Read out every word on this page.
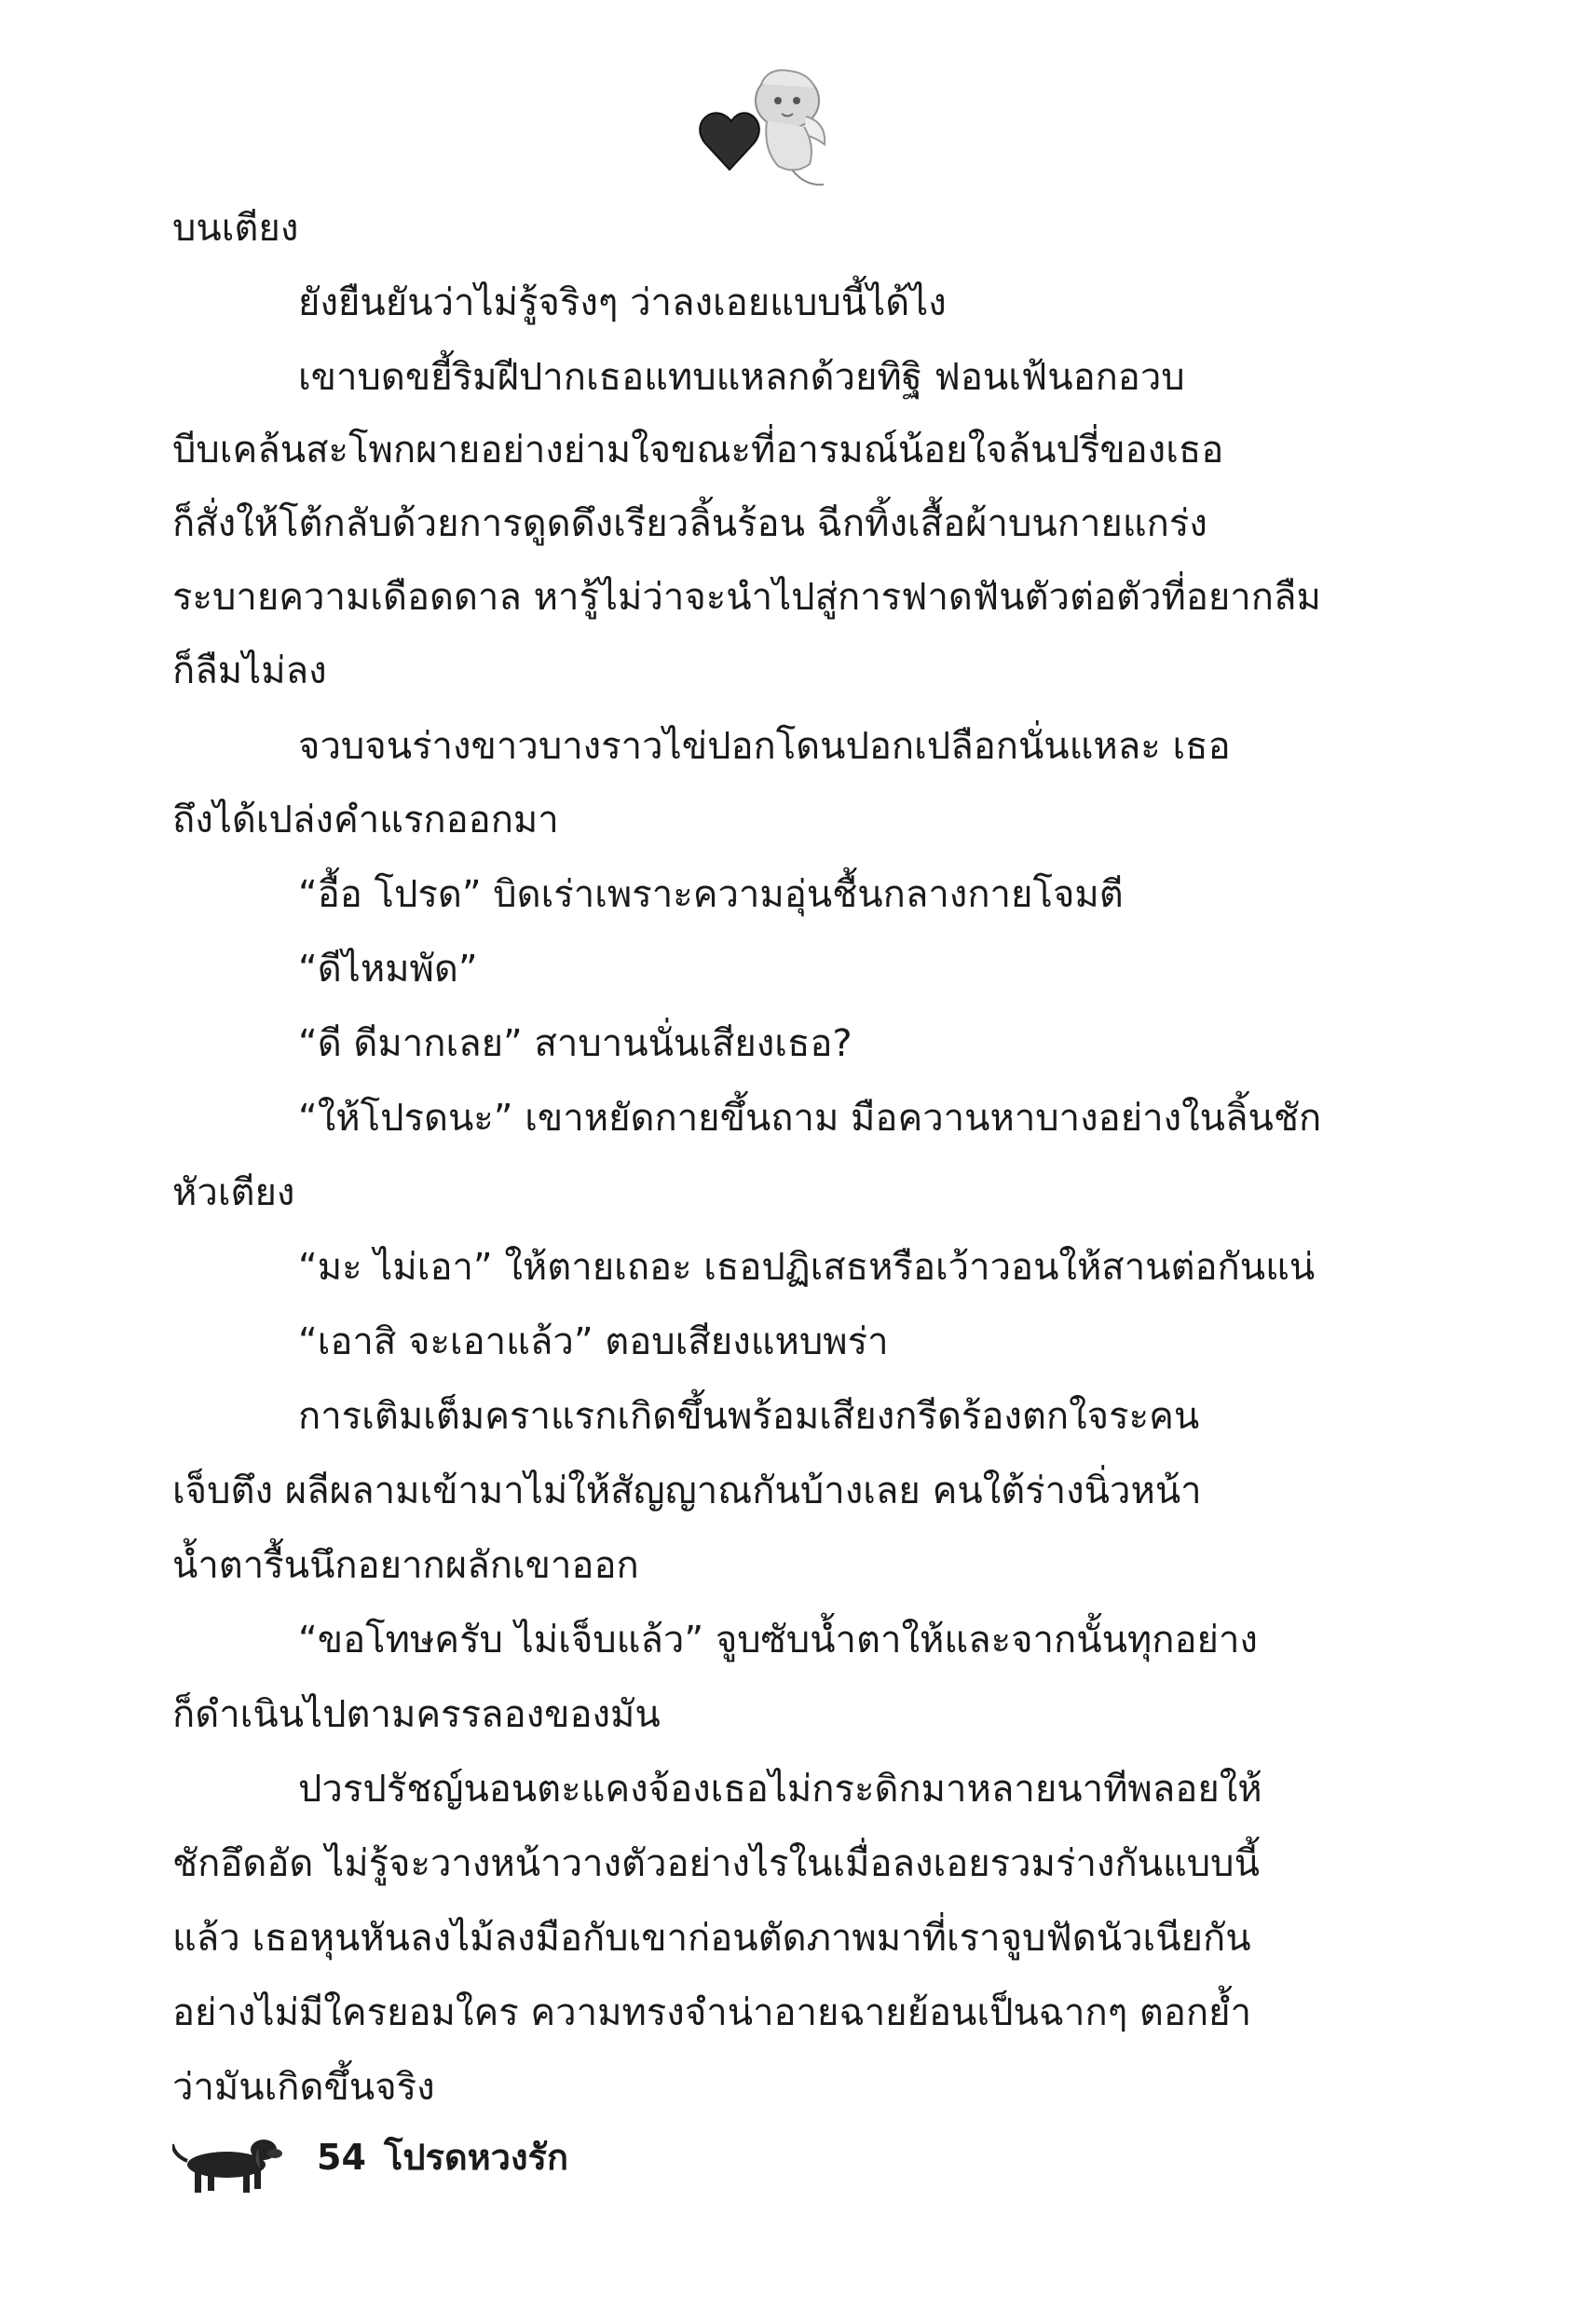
บนเตียง

ยังยืนยันว่าไม่รู้จริงๆ ว่าลงเอยแบบนี้ได้ไง

เขาบดขยี้ริมฝีปากเธอแทบแหลกด้วยทิฐิ ฟอนเฟ้นอกอวบ

บีบเคล้นสะโพกผายอย่างย่ามใจขณะที่อารมณ์น้อยใจล้นปรี่ของเธอ

ก็สั่งให้โต้กลับด้วยการดูดดึงเรียวลิ้นร้อน ฉีกทิ้งเสื้อผ้าบนกายแกร่ง

ระบายความเดือดดาล หารู้ไม่ว่าจะนำไปสู่การฟาดฟันตัวต่อตัวที่อยากลืม

ก็ลืมไม่ลง

จวบจนร่างขาวบางราวไข่ปอกโดนปอกเปลือกนั่นแหละ เธอ

ถึงได้เปล่งคำแรกออกมา

“อื้อ โปรด” บิดเร่าเพราะความอุ่นชื้นกลางกายโจมตี

“ดีไหมพัด”

“ดี ดีมากเลย” สาบานนั่นเสียงเธอ?

“ให้โปรดนะ” เขาหยัดกายขึ้นถาม มือควานหาบางอย่างในลิ้นชัก

หัวเตียง

“มะ ไม่เอา” ให้ตายเถอะ เธอปฏิเสธหรือเว้าวอนให้สานต่อกันแน่

“เอาสิ จะเอาแล้ว” ตอบเสียงแหบพร่า

การเติมเต็มคราแรกเกิดขึ้นพร้อมเสียงกรีดร้องตกใจระคน

เจ็บตึง ผลีผลามเข้ามาไม่ให้สัญญาณกันบ้างเลย คนใต้ร่างนิ่วหน้า

น้ำตารื้นนึกอยากผลักเขาออก

“ขอโทษครับ ไม่เจ็บแล้ว” จูบซับน้ำตาให้และจากนั้นทุกอย่าง

ก็ดำเนินไปตามครรลองของมัน

ปวรปรัชญ์นอนตะแคงจ้องเธอไม่กระดิกมาหลายนาทีพลอยให้

ชักอึดอัด ไม่รู้จะวางหน้าวางตัวอย่างไรในเมื่อลงเอยรวมร่างกันแบบนี้

แล้ว เธอหุนหันลงไม้ลงมือกับเขาก่อนตัดภาพมาที่เราจูบฟัดนัวเนียกัน

อย่างไม่มีใครยอมใคร ความทรงจำน่าอายฉายย้อนเป็นฉากๆ ตอกย้ำ

ว่ามันเกิดขึ้นจริง

54 โปรดหวงรัก
